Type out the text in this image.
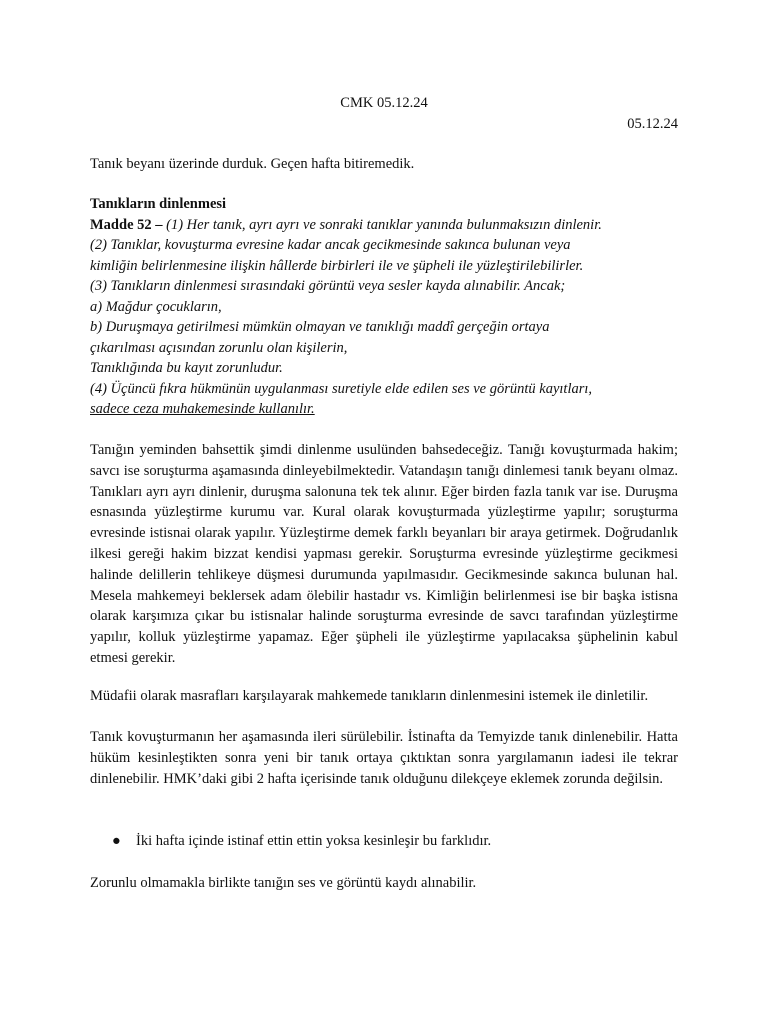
CMK 05.12.24
05.12.24

Tanık beyanı üzerinde durduk. Geçen hafta bitiremedik.

Tanıkların dinlenmesi

Madde 52 – (1) Her tanık, ayrı ayrı ve sonraki tanıklar yanında bulunmaksızın dinlenir.

(2) Tanıklar, kovuşturma evresine kadar ancak gecikmesinde sakınca bulunan veya

kimliğin belirlenmesine ilişkin hâllerde birbirleri ile ve şüpheli ile yüzleştirilebilirler.

(3) Tanıkların dinlenmesi sırasındaki görüntü veya sesler kayda alınabilir. Ancak;

a) Mağdur çocukların,

b) Duruşmaya getirilmesi mümkün olmayan ve tanıklığı maddî gerçeğin ortaya

çıkarılması açısından zorunlu olan kişilerin,

Tanıklığında bu kayıt zorunludur.

(4) Üçüncü fıkra hükmünün uygulanması suretiyle elde edilen ses ve görüntü kayıtları,

sadece ceza muhakemesinde kullanılır.

Tanığın yeminden bahsettik şimdi dinlenme usulünden bahsedeceğiz. Tanığı kovuşturmada hakim; savcı ise soruşturma aşamasında dinleyebilmektedir. Vatandaşın tanığı dinlemesi tanık beyanı olmaz. Tanıkları ayrı ayrı dinlenir, duruşma salonuna tek tek alınır. Eğer birden fazla tanık var ise. Duruşma esnasında yüzleştirme kurumu var. Kural olarak kovuşturmada yüzleştirme yapılır; soruşturma evresinde istisnai olarak yapılır. Yüzleştirme demek farklı beyanları bir araya getirmek. Doğrudanlık ilkesi gereği hakim bizzat kendisi yapması gerekir. Soruşturma evresinde yüzleştirme gecikmesi halinde delillerin tehlikeye düşmesi durumunda yapılmasıdır. Gecikmesinde sakınca bulunan hal. Mesela mahkemeyi beklersek adam ölebilir hastadır vs. Kimliğin belirlenmesi ise bir başka istisna olarak karşımıza çıkar bu istisnalar halinde soruşturma evresinde de savcı tarafından yüzleştirme yapılır, kolluk yüzleştirme yapamaz. Eğer şüpheli ile yüzleştirme yapılacaksa şüphelinin kabul etmesi gerekir.

Müdafii olarak masrafları karşılayarak mahkemede tanıkların dinlenmesini istemek ile dinletilir.

Tanık kovuşturmanın her aşamasında ileri sürülebilir. İstinafta da Temyizde tanık dinlenebilir. Hatta hüküm kesinleştikten sonra yeni bir tanık ortaya çıktıktan sonra yargılamanın iadesi ile tekrar dinlenebilir. HMK’daki gibi 2 hafta içerisinde tanık olduğunu dilekçeye eklemek zorunda değilsin.

●	İki hafta içinde istinaf ettin ettin yoksa kesinleşir bu farklıdır.

Zorunlu olmamakla birlikte tanığın ses ve görüntü kaydı alınabilir.
